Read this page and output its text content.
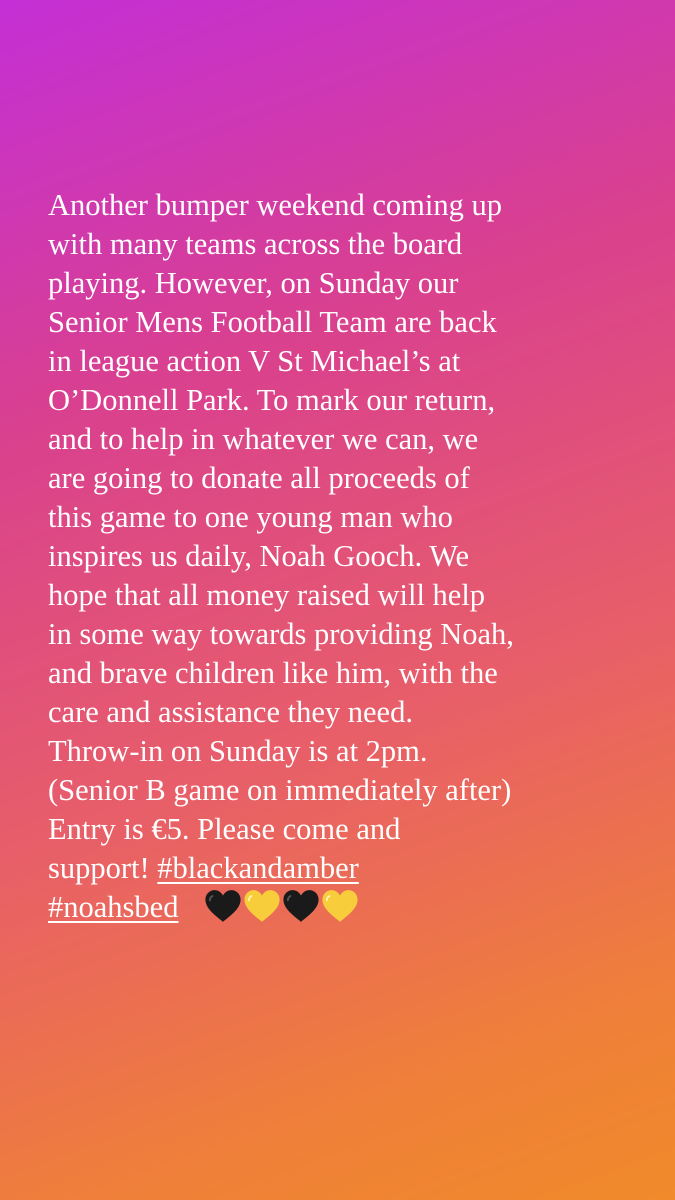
Another bumper weekend coming up
with many teams across the board
playing. However, on Sunday our
Senior Mens Football Team are back
in league action V St Michael’s at
O’Donnell Park. To mark our return,
and to help in whatever we can, we
are going to donate all proceeds of
this game to one young man who
inspires us daily, Noah Gooch. We
hope that all money raised will help
in some way towards providing Noah,
and brave children like him, with the
care and assistance they need.
Throw-in on Sunday is at 2pm.
(Senior B game on immediately after)
Entry is €5. Please come and
support! #blackandamber
#noahsbed
